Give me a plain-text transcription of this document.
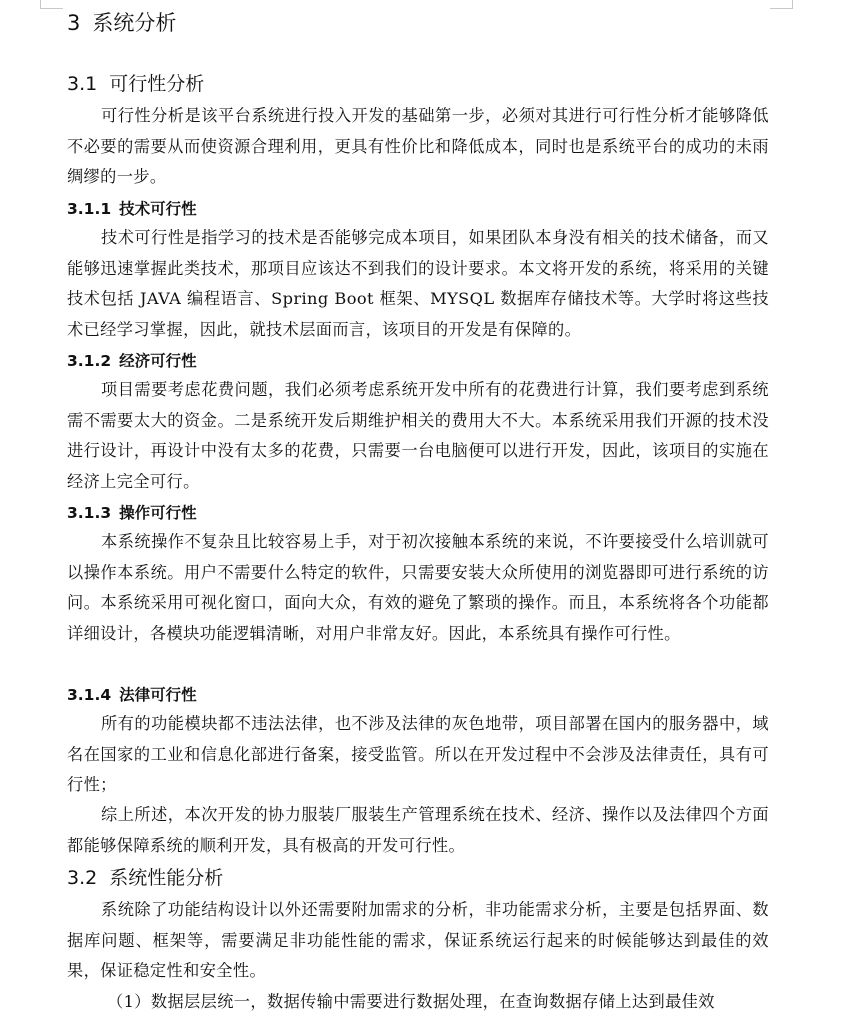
3 系统分析
3.1 可行性分析

可行性分析是该平台系统进行投入开发的基础第一步，必须对其进行可行性分析才能够降低不必要的需要从而使资源合理利用，更具有性价比和降低成本，同时也是系统平台的成功的未雨绸缪的一步。

3.1.1 技术可行性

技术可行性是指学习的技术是否能够完成本项目，如果团队本身没有相关的技术储备，而又能够迅速掌握此类技术，那项目应该达不到我们的设计要求。本文将开发的系统，将采用的关键技术包括 JAVA 编程语言、Spring Boot 框架、MYSQL 数据库存储技术等。大学时将这些技术已经学习掌握，因此，就技术层面而言，该项目的开发是有保障的。

3.1.2 经济可行性

项目需要考虑花费问题，我们必须考虑系统开发中所有的花费进行计算，我们要考虑到系统需不需要太大的资金。二是系统开发后期维护相关的费用大不大。本系统采用我们开源的技术没进行设计，再设计中没有太多的花费，只需要一台电脑便可以进行开发，因此，该项目的实施在经济上完全可行。

3.1.3 操作可行性

本系统操作不复杂且比较容易上手，对于初次接触本系统的来说，不许要接受什么培训就可以操作本系统。用户不需要什么特定的软件，只需要安装大众所使用的浏览器即可进行系统的访问。本系统采用可视化窗口，面向大众，有效的避免了繁琐的操作。而且，本系统将各个功能都详细设计，各模块功能逻辑清晰，对用户非常友好。因此，本系统具有操作可行性。

3.1.4 法律可行性

所有的功能模块都不违法法律，也不涉及法律的灰色地带，项目部署在国内的服务器中，域名在国家的工业和信息化部进行备案，接受监管。所以在开发过程中不会涉及法律责任，具有可行性；

综上所述，本次开发的协力服装厂服装生产管理系统在技术、经济、操作以及法律四个方面都能够保障系统的顺利开发，具有极高的开发可行性。

3.2 系统性能分析

系统除了功能结构设计以外还需要附加需求的分析，非功能需求分析，主要是包括界面、数据库问题、框架等，需要满足非功能性能的需求，保证系统运行起来的时候能够达到最佳的效果，保证稳定性和安全性。

（1）数据层层统一，数据传输中需要进行数据处理，在查询数据存储上达到最佳效
